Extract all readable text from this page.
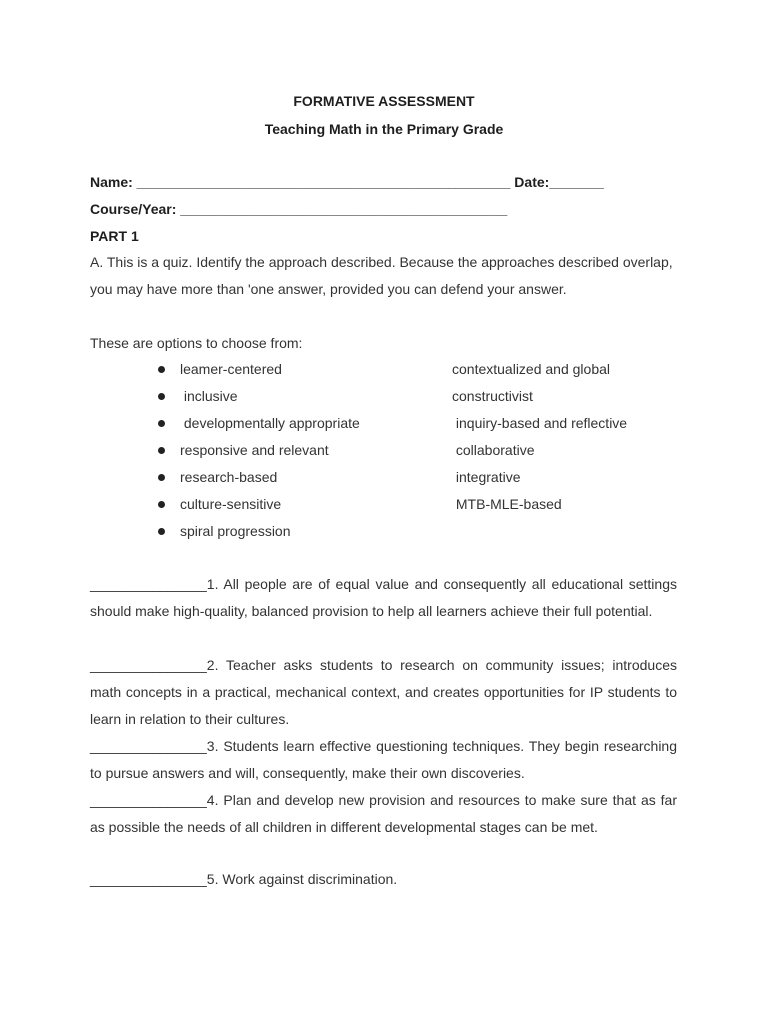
FORMATIVE ASSESSMENT
Teaching Math in the Primary Grade
Name: ________________________________________________ Date:_______
Course/Year: __________________________________________
PART 1
A. This is a quiz. Identify the approach described. Because the approaches described overlap, you may have more than 'one answer, provided you can defend your answer.
These are options to choose from:
leamer-centered
inclusive
developmentally appropriate
responsive and relevant
research-based
culture-sensitive
spiral progression
contextualized and global
constructivist
inquiry-based and reflective
collaborative
integrative
MTB-MLE-based
_______________1. All people are of equal value and consequently all educational settings should make high-quality, balanced provision to help all learners achieve their full potential.
_______________2. Teacher asks students to research on community issues; introduces math concepts in a practical, mechanical context, and creates opportunities for IP students to learn in relation to their cultures.
_______________3. Students learn effective questioning techniques. They begin researching to pursue answers and will, consequently, make their own discoveries.
_______________4. Plan and develop new provision and resources to make sure that as far as possible the needs of all children in different developmental stages can be met.
_______________5. Work against discrimination.
